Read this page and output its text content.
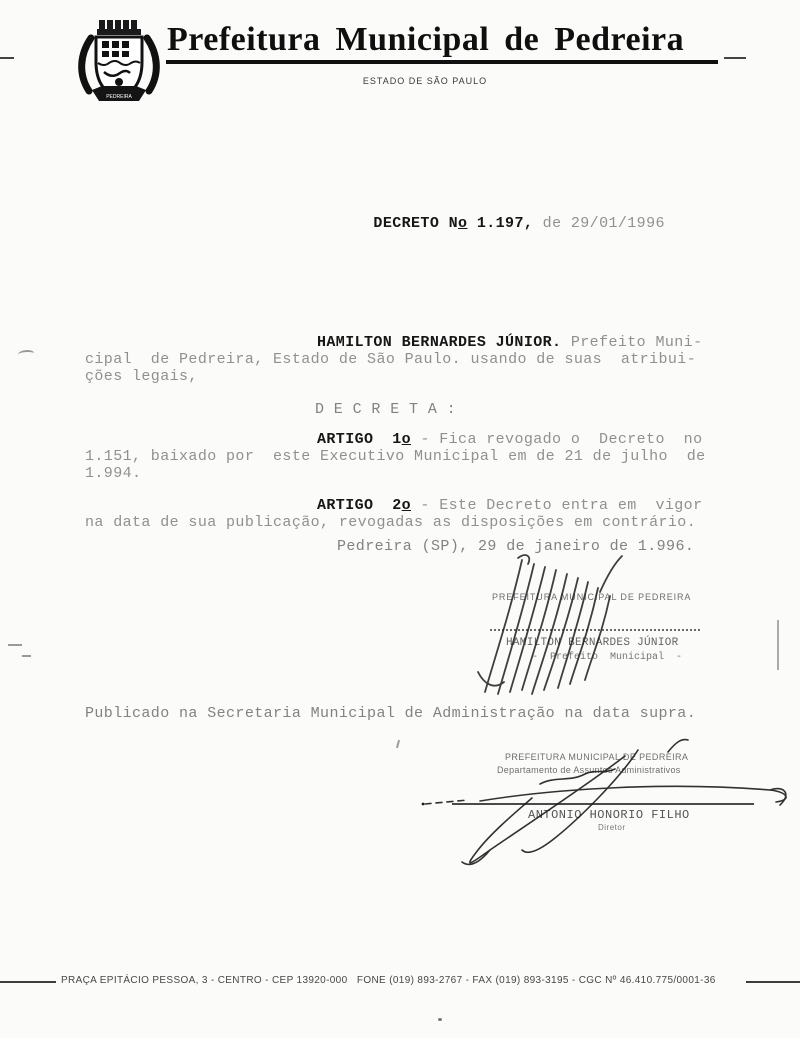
PEDREIRA
Prefeitura Municipal de Pedreira
ESTADO DE SÃO PAULO

DECRETO No 1.197, de 29/01/1996

HAMILTON BERNARDES JÚNIOR. Prefeito Muni-
cipal  de Pedreira, Estado de São Paulo. usando de suas  atribui-
ções legais,
D E C R E T A :
ARTIGO  1o - Fica revogado o  Decreto  no
1.151, baixado por  este Executivo Municipal em de 21 de julho  de
1.994.
ARTIGO  2o - Este Decreto entra em  vigor
na data de sua publicação, revogadas as disposições em contrário.
Pedreira (SP), 29 de janeiro de 1.996.
PREFEITURA MUNICIPAL DE PEDREIRA
HAMILTON BERNARDES JÚNIOR
-  Prefeito  Municipal  -
Publicado na Secretaria Municipal de Administração na data supra.
PREFEITURA MUNICIPAL DE PEDREIRA
Departamento de Assuntos Administrativos
ANTONIO HONORIO FILHO
Diretor
PRAÇA EPITÁCIO PESSOA, 3 - CENTRO - CEP 13920-000   FONE (019) 893-2767 - FAX (019) 893-3195 - CGC Nº 46.410.775/0001-36
